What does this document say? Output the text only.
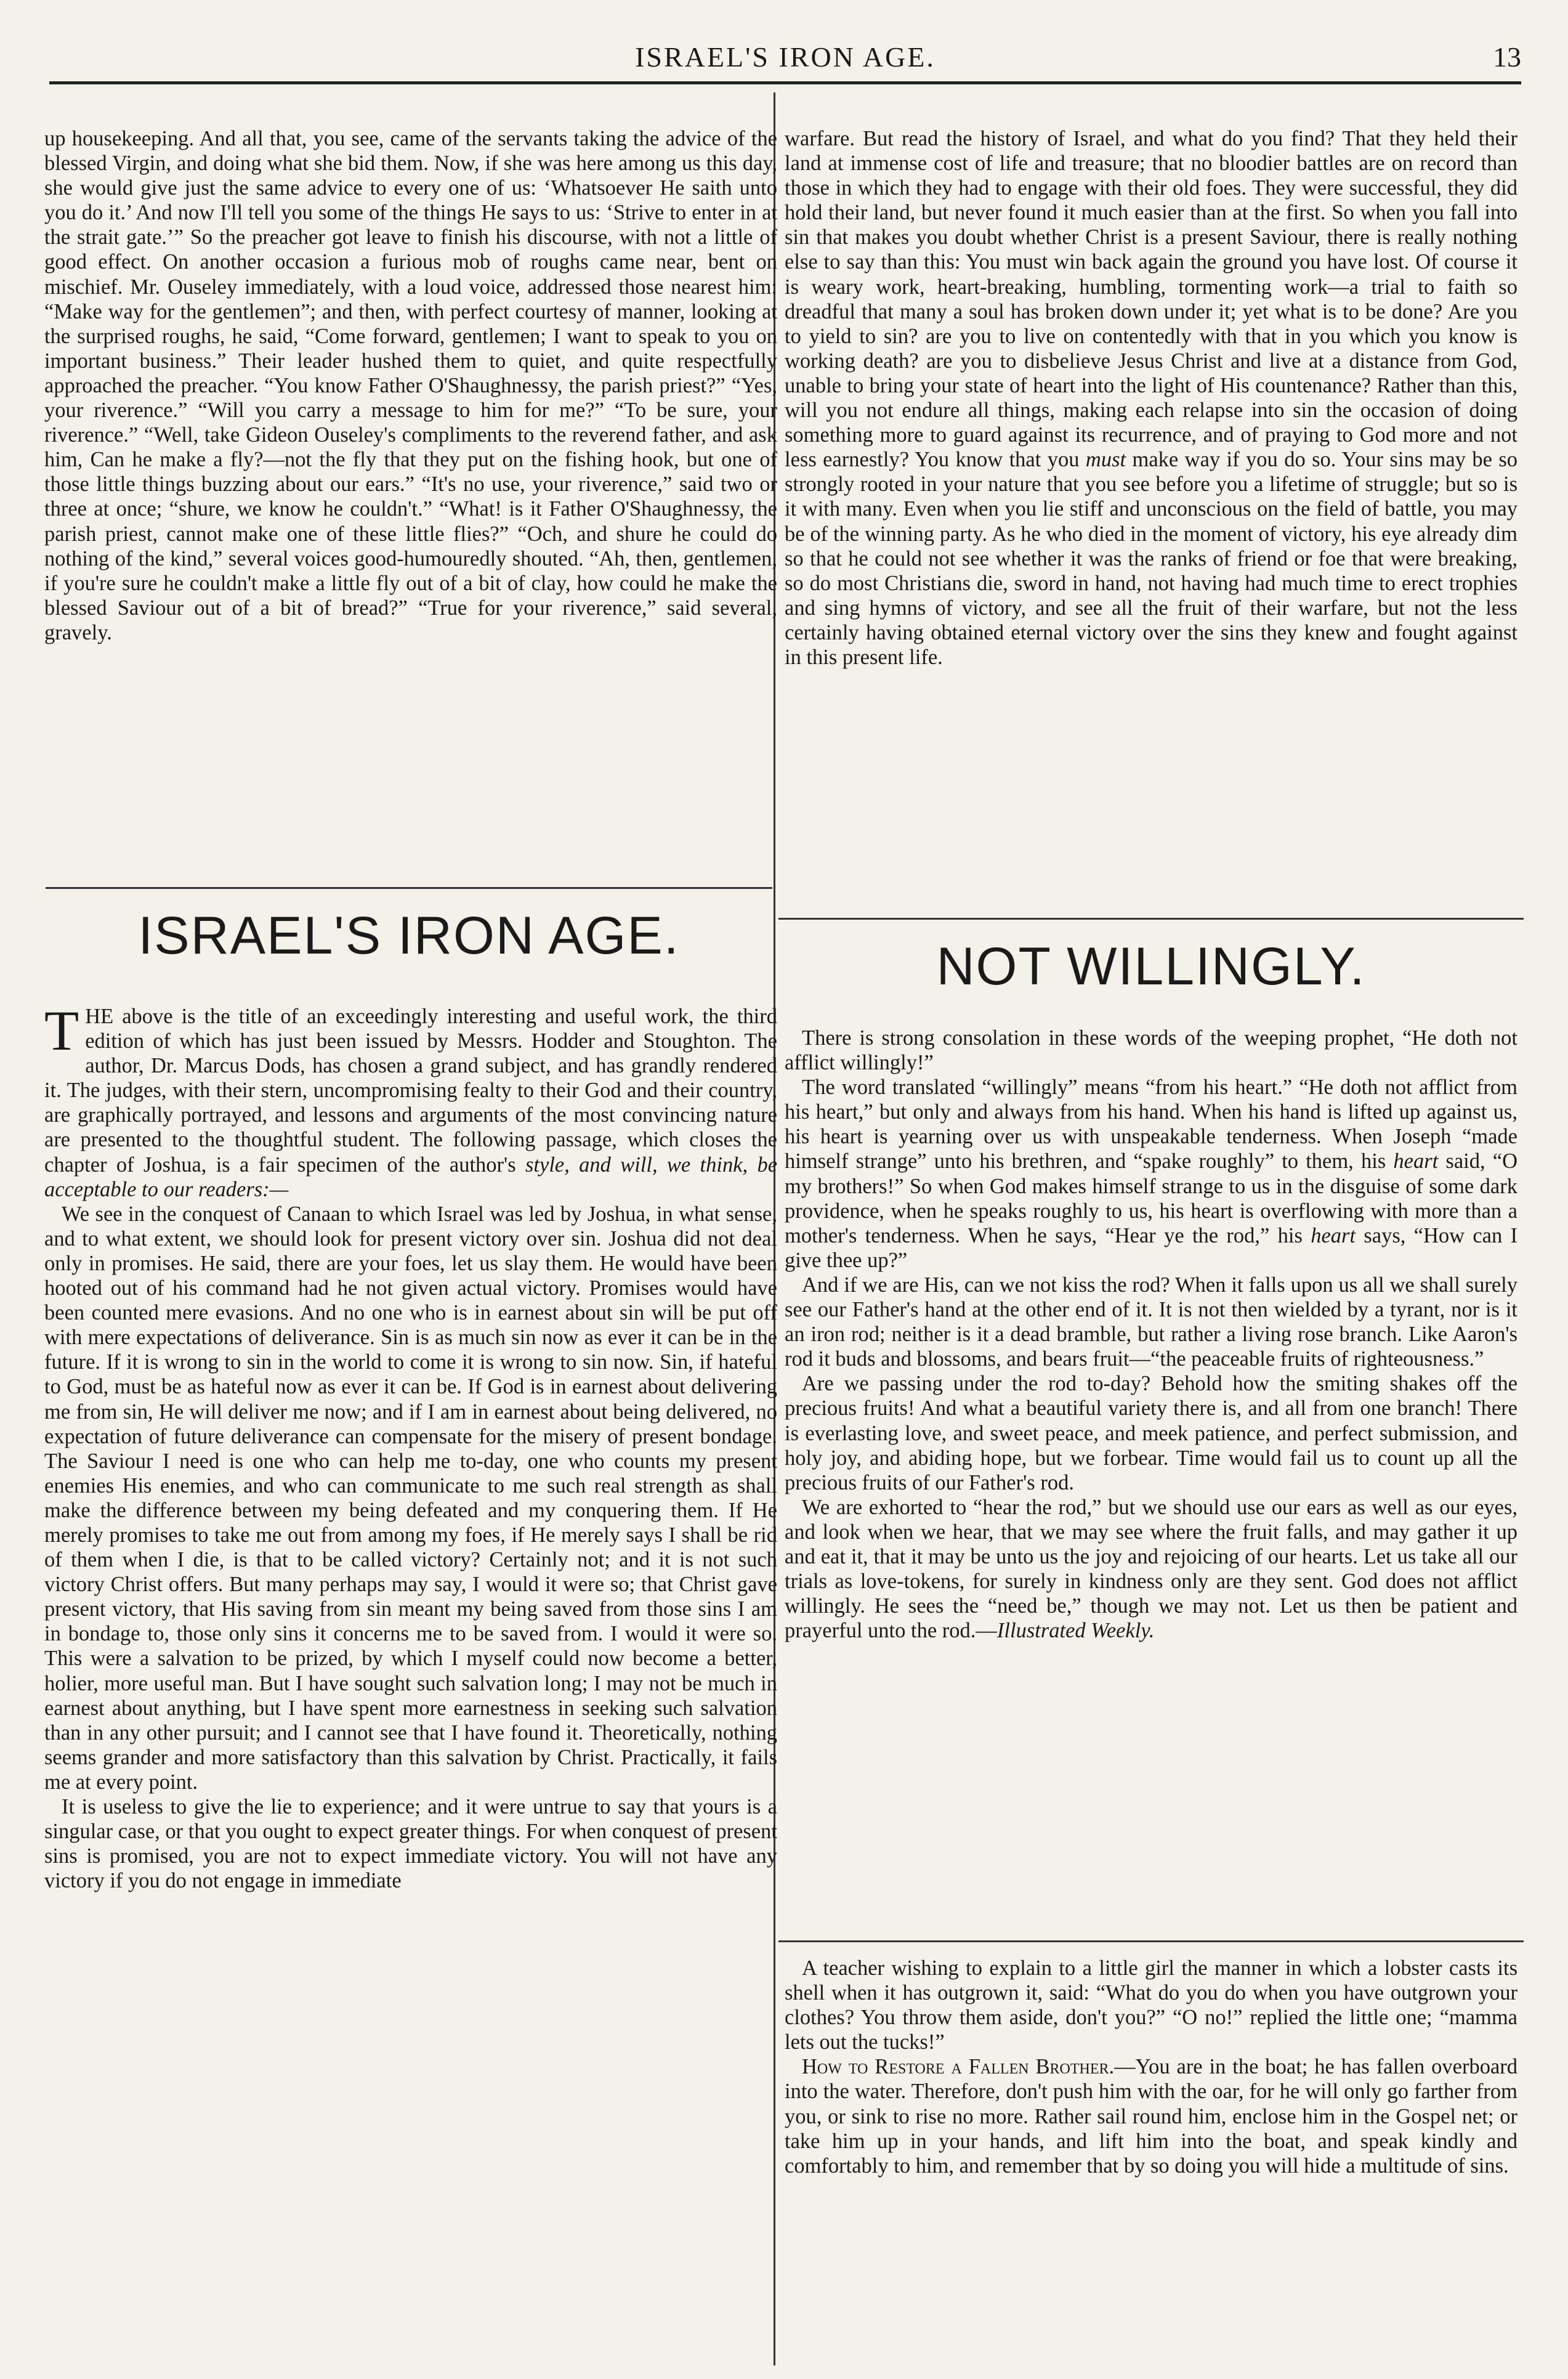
ISRAEL'S IRON AGE.	13

up housekeeping. And all that, you see, came of the servants taking the advice of the blessed Virgin, and doing what she bid them. Now, if she was here among us this day, she would give just the same advice to every one of us: ‘Whatsoever He saith unto you do it.’ And now I'll tell you some of the things He says to us: ‘Strive to enter in at the strait gate.’” So the preacher got leave to finish his discourse, with not a little of good effect. On another occasion a furious mob of roughs came near, bent on mischief. Mr. Ouseley immediately, with a loud voice, addressed those nearest him: “Make way for the gentlemen”; and then, with perfect courtesy of manner, looking at the surprised roughs, he said, “Come forward, gentlemen; I want to speak to you on important business.” Their leader hushed them to quiet, and quite respectfully approached the preacher. “You know Father O'Shaughnessy, the parish priest?” “Yes, your riverence.” “Will you carry a message to him for me?” “To be sure, your riverence.” “Well, take Gideon Ouseley's compliments to the reverend father, and ask him, Can he make a fly?—not the fly that they put on the fishing hook, but one of those little things buzzing about our ears.” “It's no use, your riverence,” said two or three at once; “shure, we know he couldn't.” “What! is it Father O'Shaughnessy, the parish priest, cannot make one of these little flies?” “Och, and shure he could do nothing of the kind,” several voices good-humouredly shouted. “Ah, then, gentlemen, if you're sure he couldn't make a little fly out of a bit of clay, how could he make the blessed Saviour out of a bit of bread?” “True for your riverence,” said several, gravely.

ISRAEL'S IRON AGE.

THE above is the title of an exceedingly interesting and useful work, the third edition of which has just been issued by Messrs. Hodder and Stoughton. The author, Dr. Marcus Dods, has chosen a grand subject, and has grandly rendered it. The judges, with their stern, uncompromising fealty to their God and their country, are graphically portrayed, and lessons and arguments of the most convincing nature are presented to the thoughtful student. The following passage, which closes the chapter of Joshua, is a fair specimen of the author's style, and will, we think, be acceptable to our readers:—

We see in the conquest of Canaan to which Israel was led by Joshua, in what sense, and to what extent, we should look for present victory over sin. Joshua did not deal only in promises. He said, there are your foes, let us slay them. He would have been hooted out of his command had he not given actual victory. Promises would have been counted mere evasions. And no one who is in earnest about sin will be put off with mere expectations of deliverance. Sin is as much sin now as ever it can be in the future. If it is wrong to sin in the world to come it is wrong to sin now. Sin, if hateful to God, must be as hateful now as ever it can be. If God is in earnest about delivering me from sin, He will deliver me now; and if I am in earnest about being delivered, no expectation of future deliverance can compensate for the misery of present bondage. The Saviour I need is one who can help me to-day, one who counts my present enemies His enemies, and who can communicate to me such real strength as shall make the difference between my being defeated and my conquering them. If He merely promises to take me out from among my foes, if He merely says I shall be rid of them when I die, is that to be called victory? Certainly not; and it is not such victory Christ offers. But many perhaps may say, I would it were so; that Christ gave present victory, that His saving from sin meant my being saved from those sins I am in bondage to, those only sins it concerns me to be saved from. I would it were so. This were a salvation to be prized, by which I myself could now become a better, holier, more useful man. But I have sought such salvation long; I may not be much in earnest about anything, but I have spent more earnestness in seeking such salvation than in any other pursuit; and I cannot see that I have found it. Theoretically, nothing seems grander and more satisfactory than this salvation by Christ. Practically, it fails me at every point.

It is useless to give the lie to experience; and it were untrue to say that yours is a singular case, or that you ought to expect greater things. For when conquest of present sins is promised, you are not to expect immediate victory. You will not have any victory if you do not engage in immediate

warfare. But read the history of Israel, and what do you find? That they held their land at immense cost of life and treasure; that no bloodier battles are on record than those in which they had to engage with their old foes. They were successful, they did hold their land, but never found it much easier than at the first. So when you fall into sin that makes you doubt whether Christ is a present Saviour, there is really nothing else to say than this: You must win back again the ground you have lost. Of course it is weary work, heart-breaking, humbling, tormenting work—a trial to faith so dreadful that many a soul has broken down under it; yet what is to be done? Are you to yield to sin? are you to live on contentedly with that in you which you know is working death? are you to disbelieve Jesus Christ and live at a distance from God, unable to bring your state of heart into the light of His countenance? Rather than this, will you not endure all things, making each relapse into sin the occasion of doing something more to guard against its recurrence, and of praying to God more and not less earnestly? You know that you must make way if you do so. Your sins may be so strongly rooted in your nature that you see before you a lifetime of struggle; but so is it with many. Even when you lie stiff and unconscious on the field of battle, you may be of the winning party. As he who died in the moment of victory, his eye already dim so that he could not see whether it was the ranks of friend or foe that were breaking, so do most Christians die, sword in hand, not having had much time to erect trophies and sing hymns of victory, and see all the fruit of their warfare, but not the less certainly having obtained eternal victory over the sins they knew and fought against in this present life.

NOT WILLINGLY.

There is strong consolation in these words of the weeping prophet, “He doth not afflict willingly!”

The word translated “willingly” means “from his heart.” “He doth not afflict from his heart,” but only and always from his hand. When his hand is lifted up against us, his heart is yearning over us with unspeakable tenderness. When Joseph “made himself strange” unto his brethren, and “spake roughly” to them, his heart said, “O my brothers!” So when God makes himself strange to us in the disguise of some dark providence, when he speaks roughly to us, his heart is overflowing with more than a mother's tenderness. When he says, “Hear ye the rod,” his heart says, “How can I give thee up?”

And if we are His, can we not kiss the rod? When it falls upon us all we shall surely see our Father's hand at the other end of it. It is not then wielded by a tyrant, nor is it an iron rod; neither is it a dead bramble, but rather a living rose branch. Like Aaron's rod it buds and blossoms, and bears fruit—“the peaceable fruits of righteousness.”

Are we passing under the rod to-day? Behold how the smiting shakes off the precious fruits! And what a beautiful variety there is, and all from one branch! There is everlasting love, and sweet peace, and meek patience, and perfect submission, and holy joy, and abiding hope, but we forbear. Time would fail us to count up all the precious fruits of our Father's rod.

We are exhorted to “hear the rod,” but we should use our ears as well as our eyes, and look when we hear, that we may see where the fruit falls, and may gather it up and eat it, that it may be unto us the joy and rejoicing of our hearts. Let us take all our trials as love-tokens, for surely in kindness only are they sent. God does not afflict willingly. He sees the “need be,” though we may not. Let us then be patient and prayerful unto the rod.—Illustrated Weekly.

A teacher wishing to explain to a little girl the manner in which a lobster casts its shell when it has outgrown it, said: “What do you do when you have outgrown your clothes? You throw them aside, don't you?” “O no!” replied the little one; “mamma lets out the tucks!”

How to Restore a Fallen Brother.—You are in the boat; he has fallen overboard into the water. Therefore, don't push him with the oar, for he will only go farther from you, or sink to rise no more. Rather sail round him, enclose him in the Gospel net; or take him up in your hands, and lift him into the boat, and speak kindly and comfortably to him, and remember that by so doing you will hide a multitude of sins.
